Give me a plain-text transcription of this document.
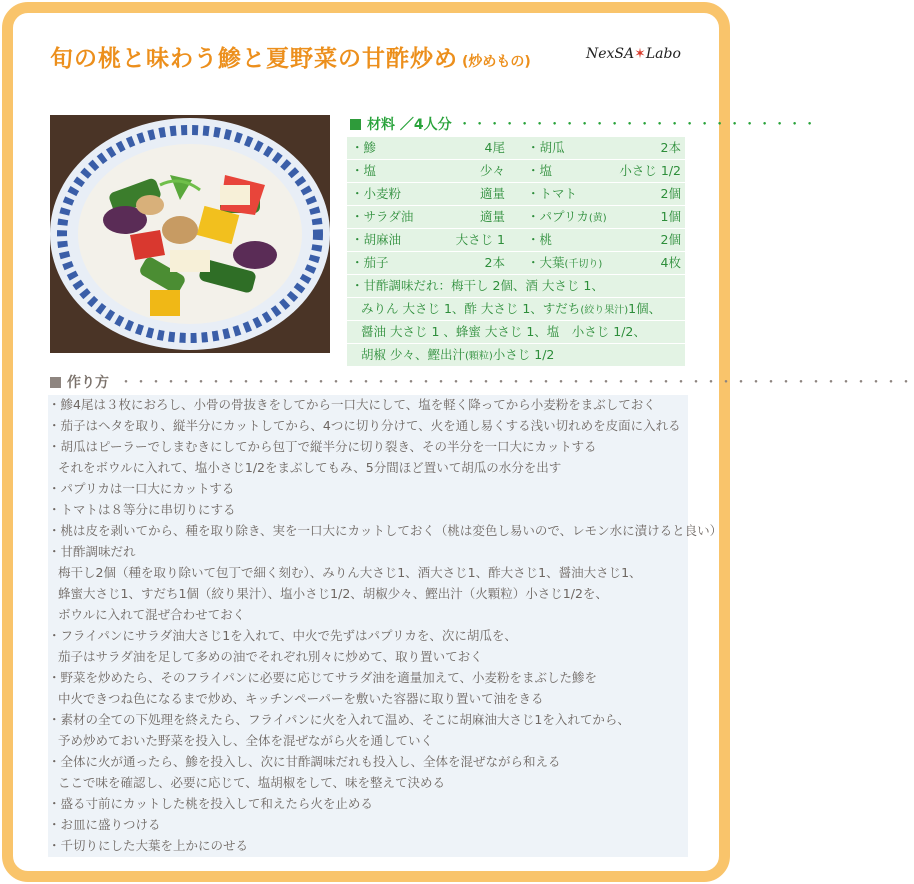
旬の桃と味わう鯵と夏野菜の甘酢炒め (炒めもの)	NexSA✶Labo
材料 ／4人分 ・・・・・・・・・・・・・・・・・・・・・・・・
・鯵	4尾 ・胡瓜	2本
・塩	少々 ・塩	小さじ 1/2
・小麦粉	適量 ・トマト	2個
・サラダ油	適量 ・パプリカ(黄)	1個
・胡麻油	大さじ 1 ・桃	2個
・茄子	2本 ・大葉(千切り)	4枚
・甘酢調味だれ：梅干し 2個、酒 大さじ 1、
みりん 大さじ 1、酢 大さじ 1、すだち(絞り果汁)1個、
醤油 大さじ 1 、蜂蜜 大さじ 1、塩　小さじ 1/2、
胡椒 少々、鰹出汁(顆粒)小さじ 1/2
作り方 ・・・・・・・・・・・・・・・・・・・・・・・・・・・・・・・・・・・・・・・・・・・・・・・・・・・・・
・鯵4尾は３枚におろし、小骨の骨抜きをしてから一口大にして、塩を軽く降ってから小麦粉をまぶしておく
・茄子はヘタを取り、縦半分にカットしてから、4つに切り分けて、火を通し易くする浅い切れめを皮面に入れる
・胡瓜はピーラーでしまむきにしてから包丁で縦半分に切り裂き、その半分を一口大にカットする
それをボウルに入れて、塩小さじ1/2をまぶしてもみ、5分間ほど置いて胡瓜の水分を出す
・パプリカは一口大にカットする
・トマトは８等分に串切りにする
・桃は皮を剥いてから、種を取り除き、実を一口大にカットしておく（桃は変色し易いので、レモン水に漬けると良い）
・甘酢調味だれ
梅干し2個（種を取り除いて包丁で細く刻む）、みりん大さじ1、酒大さじ1、酢大さじ1、醤油大さじ1、
蜂蜜大さじ1、すだち1個（絞り果汁）、塩小さじ1/2、胡椒少々、鰹出汁（火顆粒）小さじ1/2を、
ボウルに入れて混ぜ合わせておく
・フライパンにサラダ油大さじ1を入れて、中火で先ずはパプリカを、次に胡瓜を、
茄子はサラダ油を足して多めの油でそれぞれ別々に炒めて、取り置いておく
・野菜を炒めたら、そのフライパンに必要に応じてサラダ油を適量加えて、小麦粉をまぶした鯵を
中火できつね色になるまで炒め、キッチンペーパーを敷いた容器に取り置いて油をきる
・素材の全ての下処理を終えたら、フライパンに火を入れて温め、そこに胡麻油大さじ1を入れてから、
予め炒めておいた野菜を投入し、全体を混ぜながら火を通していく
・全体に火が通ったら、鯵を投入し、次に甘酢調味だれも投入し、全体を混ぜながら和える
ここで味を確認し、必要に応じて、塩胡椒をして、味を整えて決める
・盛る寸前にカットした桃を投入して和えたら火を止める
・お皿に盛りつける
・千切りにした大葉を上かにのせる
